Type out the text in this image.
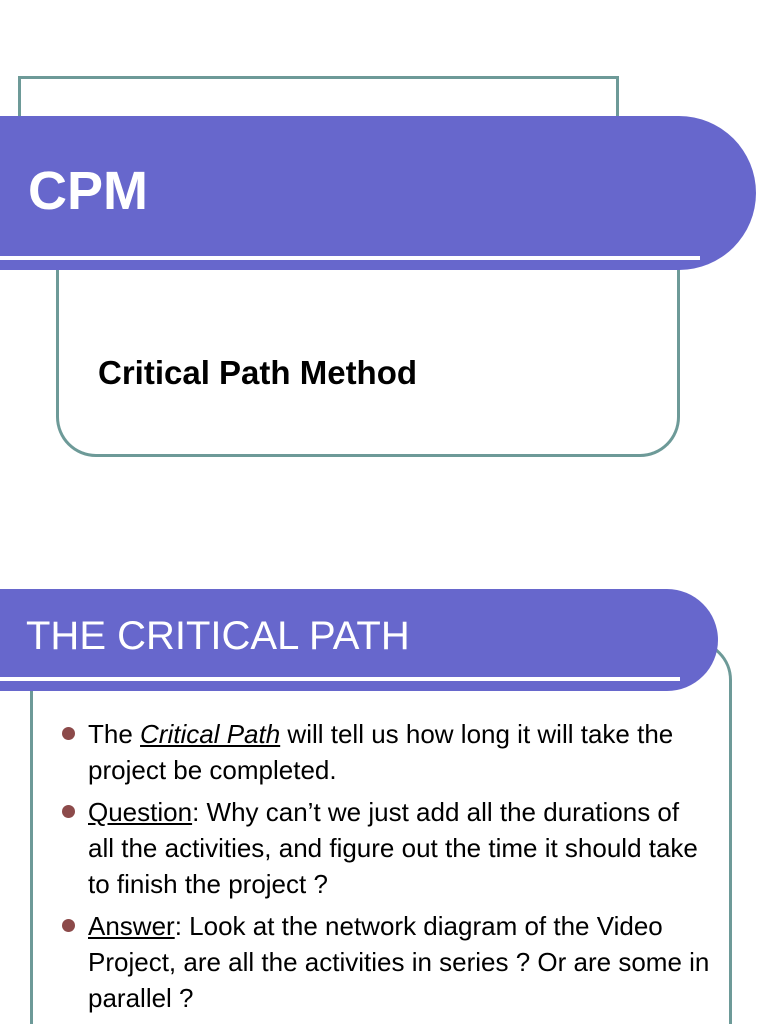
CPM
Critical Path Method
THE CRITICAL PATH
The Critical Path will tell us how long it will take the project be completed.
Question: Why can’t we just add all the durations of all the activities, and figure out the time it should take to finish the project ?
Answer: Look at the network diagram of the Video Project, are all the activities in series ? Or are some in parallel ?
